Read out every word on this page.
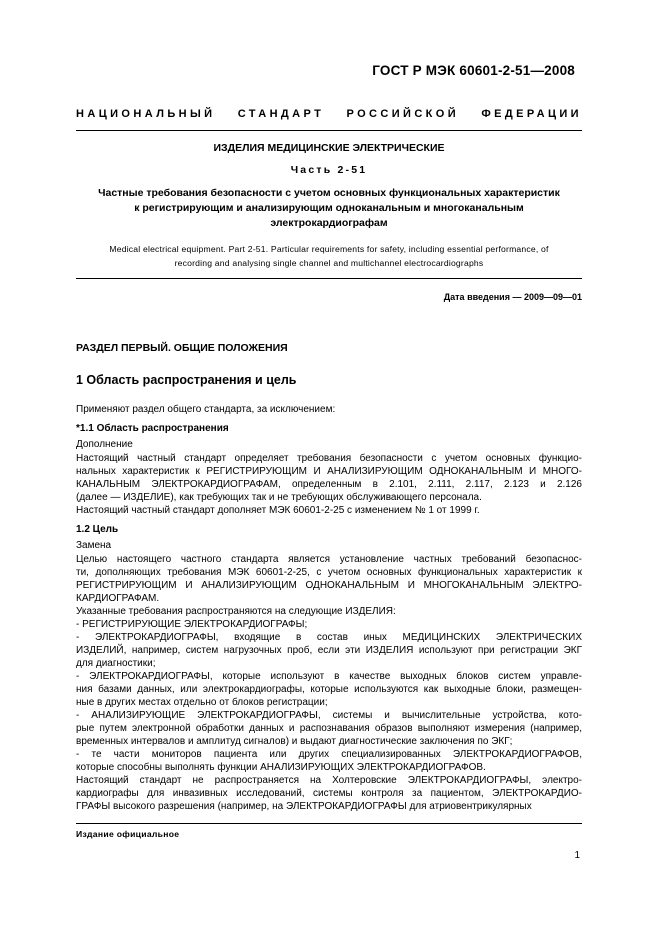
ГОСТ Р МЭК 60601-2-51—2008
НАЦИОНАЛЬНЫЙ СТАНДАРТ РОССИЙСКОЙ ФЕДЕРАЦИИ
ИЗДЕЛИЯ МЕДИЦИНСКИЕ ЭЛЕКТРИЧЕСКИЕ
Часть 2-51
Частные требования безопасности с учетом основных функциональных характеристик
к регистрирующим и анализирующим одноканальным и многоканальным
электрокардиографам
Medical electrical equipment. Part 2-51. Particular requirements for safety, including essential performance, of
recording and analysing single channel and multichannel electrocardiographs
Дата введения — 2009—09—01
РАЗДЕЛ ПЕРВЫЙ. ОБЩИЕ ПОЛОЖЕНИЯ
1 Область распространения и цель
Применяют раздел общего стандарта, за исключением:
*1.1 Область распространения
Дополнение
Настоящий частный стандарт определяет требования безопасности с учетом основных функцио-
нальных характеристик к РЕГИСТРИРУЮЩИМ И АНАЛИЗИРУЮЩИМ ОДНОКАНАЛЬНЫМ И МНОГО-
КАНАЛЬНЫМ ЭЛЕКТРОКАРДИОГРАФАМ, определенным в 2.101, 2.111, 2.117, 2.123 и 2.126
(далее — ИЗДЕЛИЕ), как требующих так и не требующих обслуживающего персонала.
Настоящий частный стандарт дополняет МЭК 60601-2-25 с изменением № 1 от 1999 г.
1.2 Цель
Замена
Целью настоящего частного стандарта является установление частных требований безопаснос-
ти, дополняющих требования МЭК 60601-2-25, с учетом основных функциональных характеристик к
РЕГИСТРИРУЮЩИМ И АНАЛИЗИРУЮЩИМ ОДНОКАНАЛЬНЫМ И МНОГОКАНАЛЬНЫМ ЭЛЕКТРО-
КАРДИОГРАФАМ.
Указанные требования распространяются на следующие ИЗДЕЛИЯ:
- РЕГИСТРИРУЮЩИЕ ЭЛЕКТРОКАРДИОГРАФЫ;
- ЭЛЕКТРОКАРДИОГРАФЫ, входящие в состав иных МЕДИЦИНСКИХ ЭЛЕКТРИЧЕСКИХ
ИЗДЕЛИЙ, например, систем нагрузочных проб, если эти ИЗДЕЛИЯ используют при регистрации ЭКГ
для диагностики;
- ЭЛЕКТРОКАРДИОГРАФЫ, которые используют в качестве выходных блоков систем управле-
ния базами данных, или электрокардиографы, которые используются как выходные блоки, размещен-
ные в других местах отдельно от блоков регистрации;
- АНАЛИЗИРУЮЩИЕ ЭЛЕКТРОКАРДИОГРАФЫ, системы и вычислительные устройства, кото-
рые путем электронной обработки данных и распознавания образов выполняют измерения (например,
временных интервалов и амплитуд сигналов) и выдают диагностические заключения по ЭКГ;
- те части мониторов пациента или других специализированных ЭЛЕКТРОКАРДИОГРАФОВ,
которые способны выполнять функции АНАЛИЗИРУЮЩИХ ЭЛЕКТРОКАРДИОГРАФОВ.
Настоящий стандарт не распространяется на Холтеровские ЭЛЕКТРОКАРДИОГРАФЫ, электро-
кардиографы для инвазивных исследований, системы контроля за пациентом, ЭЛЕКТРОКАРДИО-
ГРАФЫ высокого разрешения (например, на ЭЛЕКТРОКАРДИОГРАФЫ для атриовентрикулярных
Издание официальное
1
